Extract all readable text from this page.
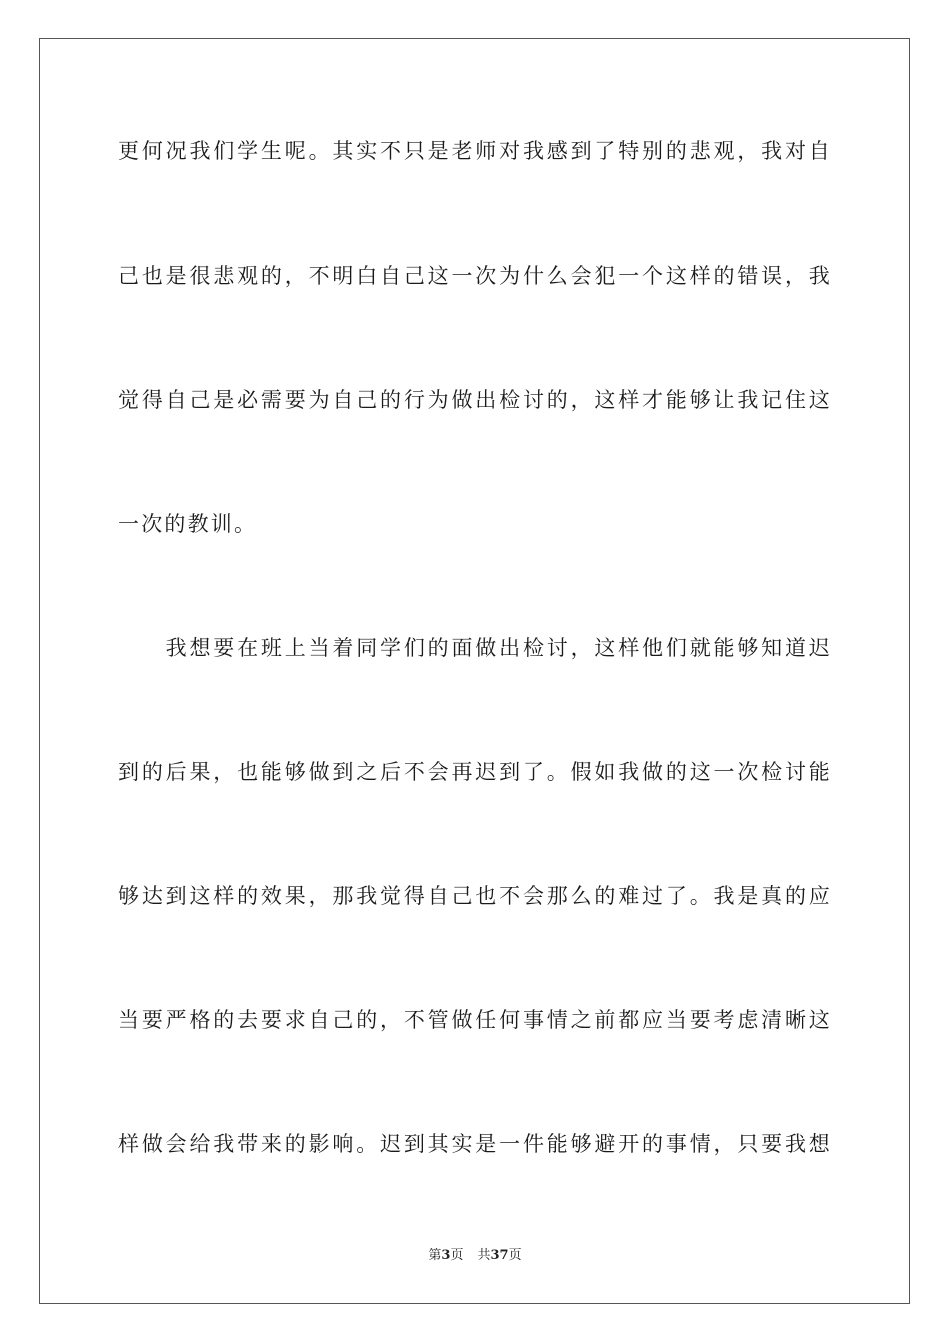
更何况我们学生呢。其实不只是老师对我感到了特别的悲观，我对自

己也是很悲观的，不明白自己这一次为什么会犯一个这样的错误，我

觉得自己是必需要为自己的行为做出检讨的，这样才能够让我记住这

一次的教训。

　　我想要在班上当着同学们的面做出检讨，这样他们就能够知道迟

到的后果，也能够做到之后不会再迟到了。假如我做的这一次检讨能

够达到这样的效果，那我觉得自己也不会那么的难过了。我是真的应

当要严格的去要求自己的，不管做任何事情之前都应当要考虑清晰这

样做会给我带来的影响。迟到其实是一件能够避开的事情，只要我想

第3页 共37页
